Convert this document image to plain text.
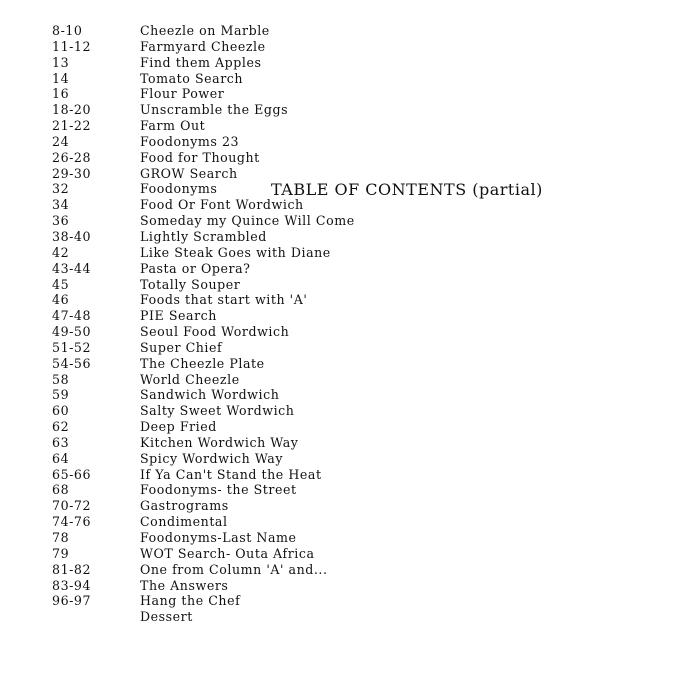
TABLE OF CONTENTS (partial)
8-10	Cheezle on Marble
11-12	Farmyard Cheezle
13	Find them Apples
14	Tomato Search
16	Flour Power
18-20	Unscramble the Eggs
21-22	Farm Out
24	Foodonyms 23
26-28	Food for Thought
29-30	GROW Search
32	Foodonyms
34	Food Or Font Wordwich
36	Someday my Quince Will Come
38-40	Lightly Scrambled
42	Like Steak Goes with Diane
43-44	Pasta or Opera?
45	Totally Souper
46	Foods that start with 'A'
47-48	PIE Search
49-50	Seoul Food Wordwich
51-52	Super Chief
54-56	The Cheezle Plate
58	World Cheezle
59	Sandwich Wordwich
60	Salty Sweet Wordwich
62	Deep Fried
63	Kitchen Wordwich Way
64	Spicy Wordwich Way
65-66	If Ya Can't Stand the Heat
68	Foodonyms- the Street
70-72	Gastrograms
74-76	Condimental
78	Foodonyms-Last Name
79	WOT Search- Outa Africa
81-82	One from Column 'A' and...
83-94	The Answers
96-97	Hang the Chef
Dessert
